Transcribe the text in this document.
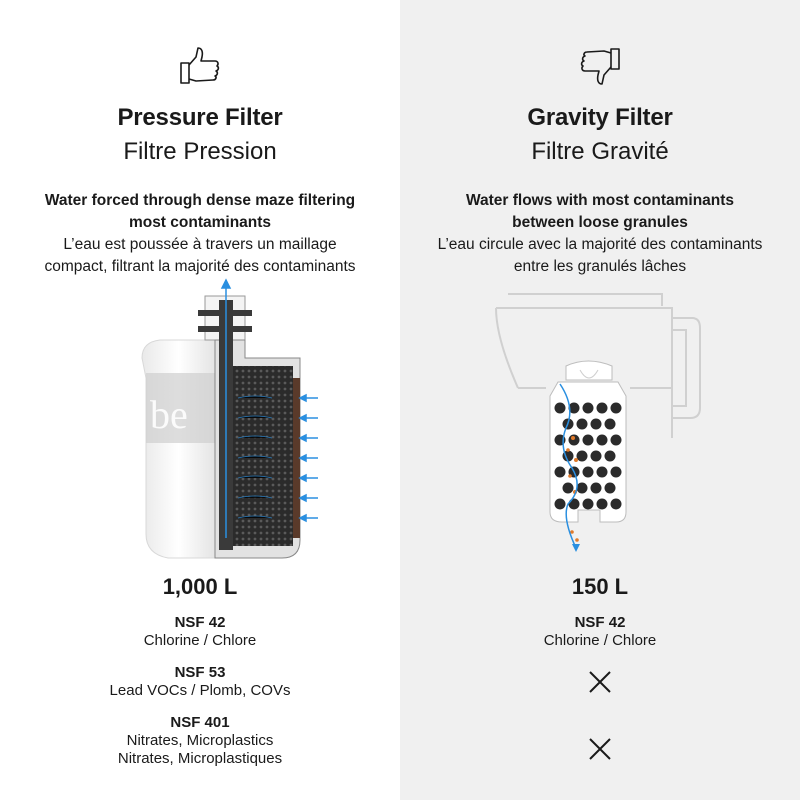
Pressure Filter
Filtre Pression
Water forced through dense maze filtering
most contaminants
L’eau est poussée à travers un maillage
compact, filtrant la majorité des contaminants
be
1,000 L
NSF 42
Chlorine / Chlore
NSF 53
Lead VOCs / Plomb, COVs
NSF 401
Nitrates, Microplastics
Nitrates, Microplastiques
Gravity Filter
Filtre Gravité
Water flows with most contaminants
between loose granules
L’eau circule avec la majorité des contaminants
entre les granulés lâches
150 L
NSF 42
Chlorine / Chlore
